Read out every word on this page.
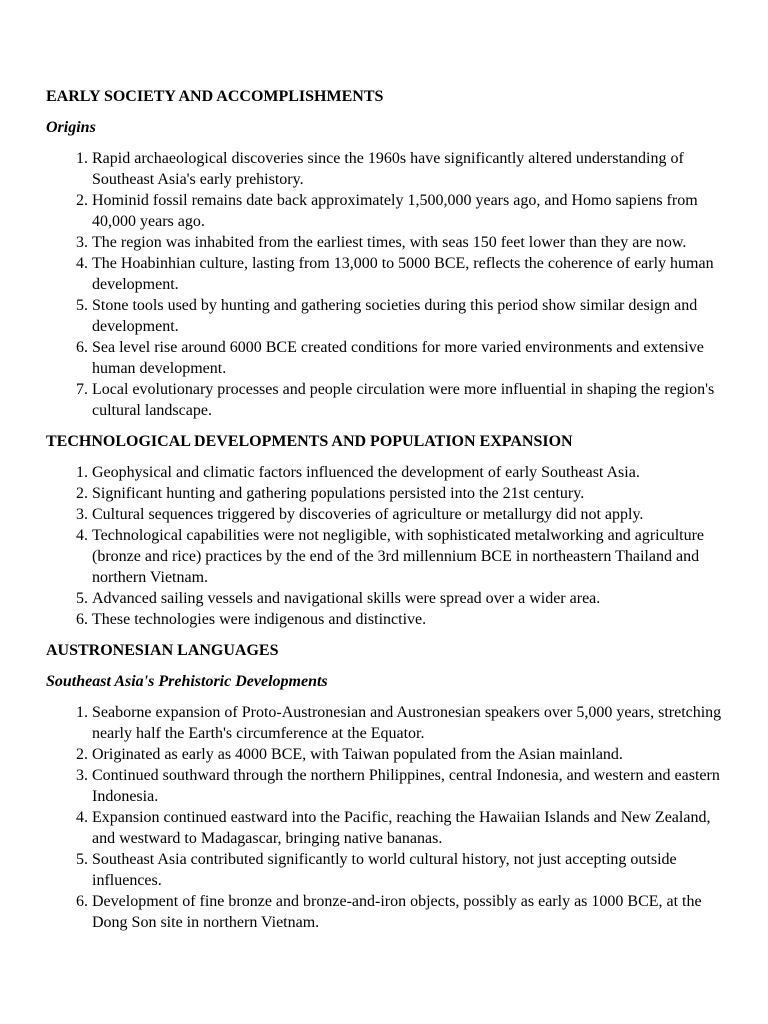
EARLY SOCIETY AND ACCOMPLISHMENTS
Origins
1. Rapid archaeological discoveries since the 1960s have significantly altered understanding of Southeast Asia's early prehistory.
2. Hominid fossil remains date back approximately 1,500,000 years ago, and Homo sapiens from 40,000 years ago.
3. The region was inhabited from the earliest times, with seas 150 feet lower than they are now.
4. The Hoabinhian culture, lasting from 13,000 to 5000 BCE, reflects the coherence of early human development.
5. Stone tools used by hunting and gathering societies during this period show similar design and development.
6. Sea level rise around 6000 BCE created conditions for more varied environments and extensive human development.
7. Local evolutionary processes and people circulation were more influential in shaping the region's cultural landscape.
TECHNOLOGICAL DEVELOPMENTS AND POPULATION EXPANSION
1. Geophysical and climatic factors influenced the development of early Southeast Asia.
2. Significant hunting and gathering populations persisted into the 21st century.
3. Cultural sequences triggered by discoveries of agriculture or metallurgy did not apply.
4. Technological capabilities were not negligible, with sophisticated metalworking and agriculture (bronze and rice) practices by the end of the 3rd millennium BCE in northeastern Thailand and northern Vietnam.
5. Advanced sailing vessels and navigational skills were spread over a wider area.
6. These technologies were indigenous and distinctive.
AUSTRONESIAN LANGUAGES
Southeast Asia's Prehistoric Developments
1. Seaborne expansion of Proto-Austronesian and Austronesian speakers over 5,000 years, stretching nearly half the Earth's circumference at the Equator.
2. Originated as early as 4000 BCE, with Taiwan populated from the Asian mainland.
3. Continued southward through the northern Philippines, central Indonesia, and western and eastern Indonesia.
4. Expansion continued eastward into the Pacific, reaching the Hawaiian Islands and New Zealand, and westward to Madagascar, bringing native bananas.
5. Southeast Asia contributed significantly to world cultural history, not just accepting outside influences.
6. Development of fine bronze and bronze-and-iron objects, possibly as early as 1000 BCE, at the Dong Son site in northern Vietnam.
